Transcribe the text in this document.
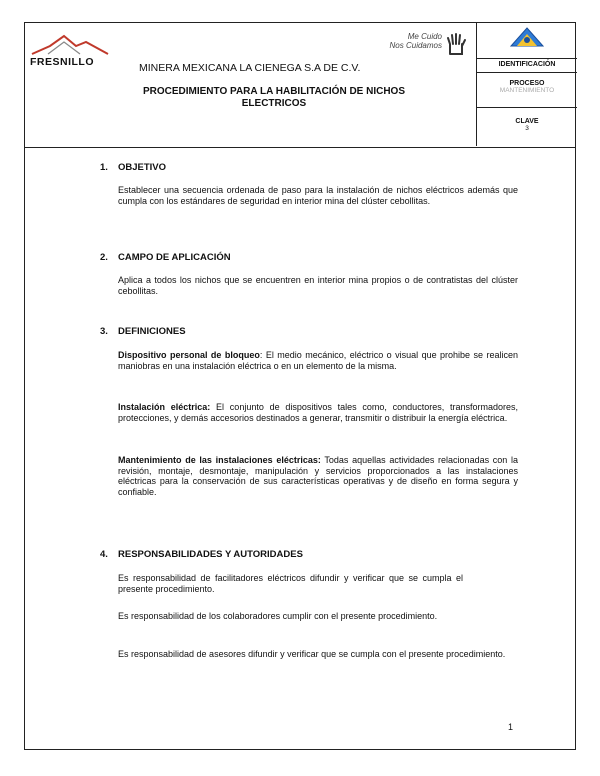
FRESNILLO	MINERA MEXICANA LA CIENEGA S.A DE C.V.
Me Cuido
Nos Cuidamos
PROCEDIMIENTO PARA LA HABILITACIÓN DE NICHOS ELECTRICOS
IDENTIFICACIÓN
PROCESO
MANTENIMIENTO
CLAVE
3
1. OBJETIVO

Establecer una secuencia ordenada de paso para la instalación de nichos eléctricos además que cumpla con los estándares de seguridad en interior mina del clúster cebollitas.

2. CAMPO DE APLICACIÓN

Aplica a todos los nichos que se encuentren en interior mina propios o de contratistas del clúster cebollitas.

3. DEFINICIONES

Dispositivo personal de bloqueo: El medio mecánico, eléctrico o visual que prohibe se realicen maniobras en una instalación eléctrica o en un elemento de la misma.

Instalación eléctrica: El conjunto de dispositivos tales como, conductores, transformadores, protecciones, y demás accesorios destinados a generar, transmitir o distribuir la energía eléctrica.

Mantenimiento de las instalaciones eléctricas: Todas aquellas actividades relacionadas con la revisión, montaje, desmontaje, manipulación y servicios proporcionados a las instalaciones eléctricas para la conservación de sus características operativas y de diseño en forma segura y confiable.

4. RESPONSABILIDADES Y AUTORIDADES

Es responsabilidad de facilitadores eléctricos difundir y verificar que se cumpla el presente procedimiento.

Es responsabilidad de los colaboradores cumplir con el presente procedimiento.

Es responsabilidad de asesores difundir y verificar que se cumpla con el presente procedimiento.

1
